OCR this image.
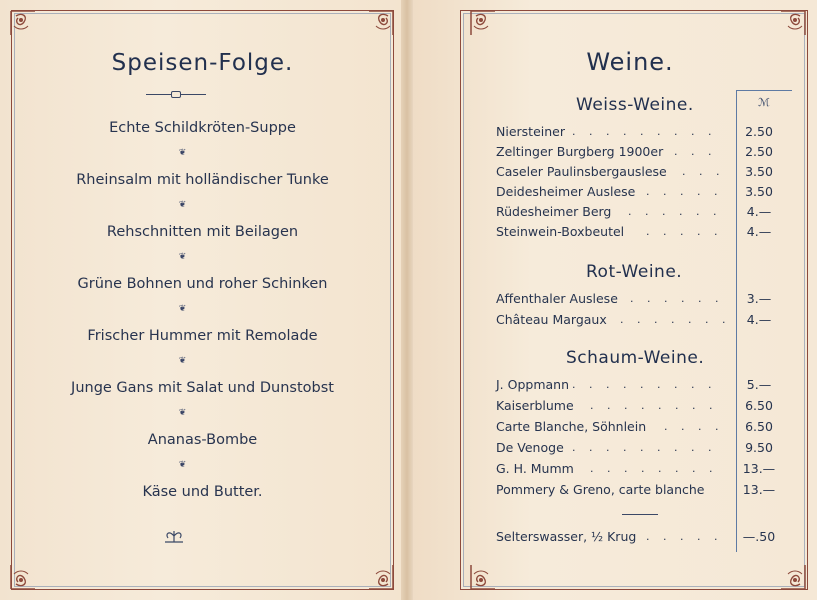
Speisen-Folge.
Echte Schildkröten-Suppe
❦
Rheinsalm mit holländischer Tunke
❦
Rehschnitten mit Beilagen
❦
Grüne Bohnen und roher Schinken
❦
Frischer Hummer mit Remolade
❦
Junge Gans mit Salat und Dunstobst
❦
Ananas-Bombe
❦
Käse und Butter.
Weine.
ℳ
Weiss-Weine.
Niersteiner . . . . . . . . .	2.50
Zeltinger Burgberg 1900er . . .	2.50
Caseler Paulinsbergauslese . . .	3.50
Deidesheimer Auslese . . . . .	3.50
Rüdesheimer Berg . . . . . .	4.—
Steinwein-Boxbeutel . . . . .	4.—
Rot-Weine.
Affenthaler Auslese . . . . . .	3.—
Château Margaux . . . . . . .	4.—
Schaum-Weine.
J. Oppmann . . . . . . . . .	5.—
Kaiserblume . . . . . . . .	6.50
Carte Blanche, Söhnlein . . . .	6.50
De Venoge . . . . . . . . .	9.50
G. H. Mumm . . . . . . . .	13.—
Pommery & Greno, carte blanche	13.—
Selterswasser, ½ Krug . . . . .	—.50
